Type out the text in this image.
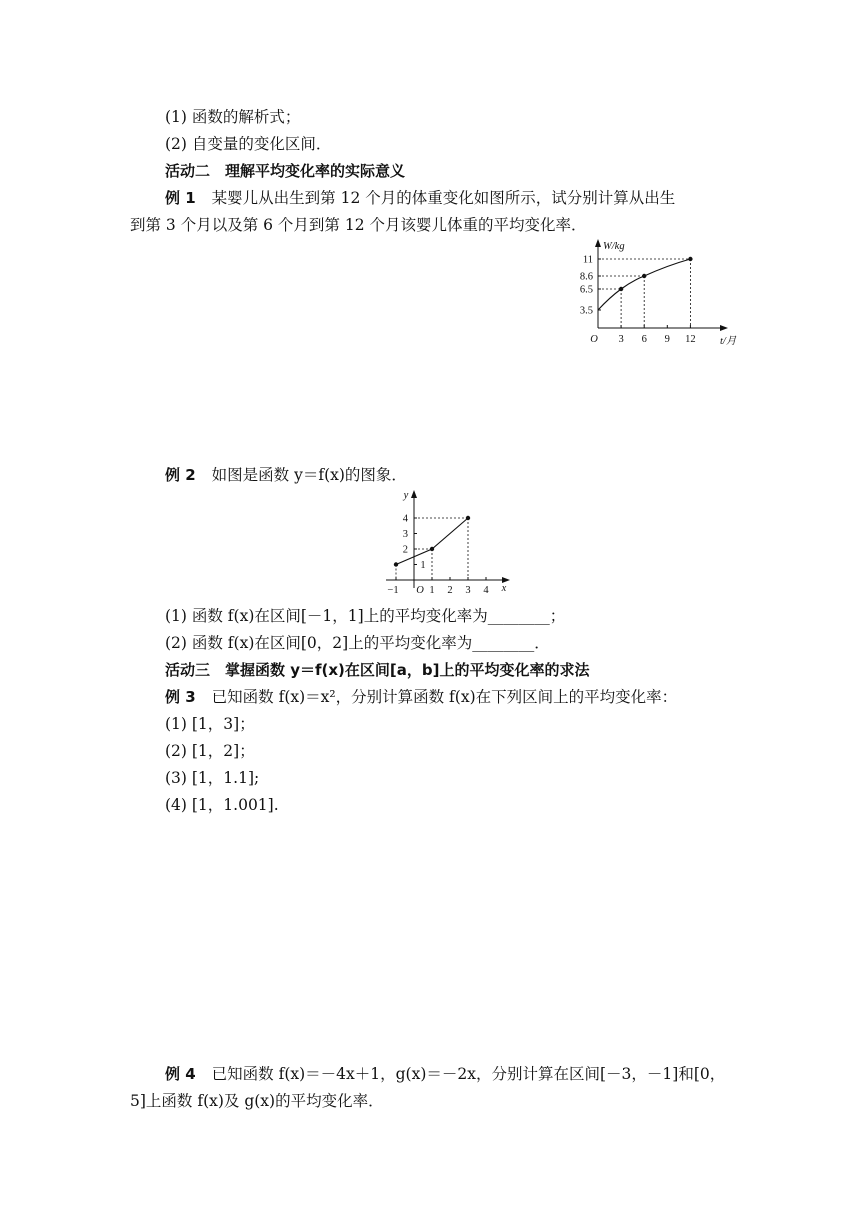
(1) 函数的解析式；
(2) 自变量的变化区间．
活动二　理解平均变化率的实际意义
例 1 某婴儿从出生到第 12 个月的体重变化如图所示，试分别计算从出生
到第 3 个月以及第 6 个月到第 12 个月该婴儿体重的平均变化率．
W/kg
t/月
O 3 6 9 12
3.5
6.5
8.6
11
例 2 如图是函数 y＝f(x)的图象．
y
x
O
−1	1 2 3 4
1
2
3
4
(1) 函数 f(x)在区间[－1，1]上的平均变化率为________；
(2) 函数 f(x)在区间[0，2]上的平均变化率为________．
活动三　掌握函数 y＝f(x)在区间[a，b]上的平均变化率的求法
例 3 已知函数 f(x)＝x²，分别计算函数 f(x)在下列区间上的平均变化率：
(1) [1，3]；
(2) [1，2]；
(3) [1，1.1];
(4) [1，1.001].
例 4 已知函数 f(x)＝－4x＋1，g(x)＝－2x，分别计算在区间[－3，－1]和[0，
5]上函数 f(x)及 g(x)的平均变化率．
